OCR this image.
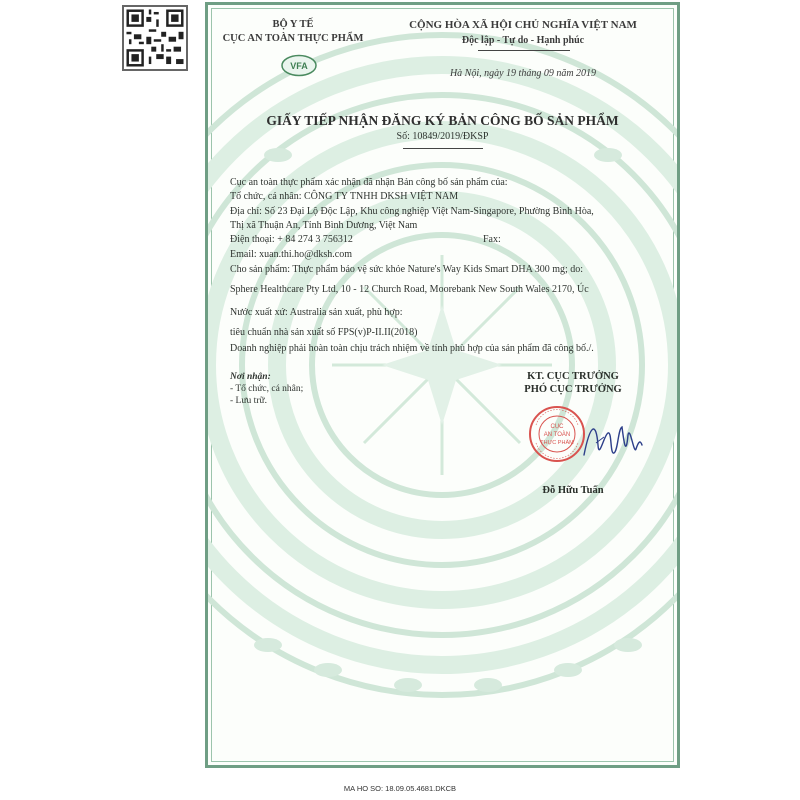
BỘ Y TẾ
CỤC AN TOÀN THỰC PHẨM
VFA
CỘNG HÒA XÃ HỘI CHỦ NGHĨA VIỆT NAM
Độc lập - Tự do - Hạnh phúc
Hà Nội, ngày 19 tháng 09 năm 2019
GIẤY TIẾP NHẬN ĐĂNG KÝ BẢN CÔNG BỐ SẢN PHẨM
Số: 10849/2019/ĐKSP
Cục an toàn thực phẩm xác nhận đã nhận Bản công bố sản phẩm của:
Tổ chức, cá nhân: CÔNG TY TNHH DKSH VIỆT NAM
Địa chỉ: Số 23 Đại Lộ Độc Lập, Khu công nghiệp Việt Nam-Singapore, Phường Bình Hòa,
Thị xã Thuận An, Tỉnh Bình Dương, Việt Nam
Điện thoại: + 84 274 3 756312	Fax:
Email: xuan.thi.ho@dksh.com
Cho sản phẩm: Thực phẩm bảo vệ sức khỏe Nature's Way Kids Smart DHA 300 mg; do:
Sphere Healthcare Pty Ltd, 10 - 12 Church Road, Moorebank New South Wales 2170, Úc
Nước xuất xứ: Australia sản xuất, phù hợp:
tiêu chuẩn nhà sản xuất số FPS(v)P-II.II(2018)
Doanh nghiệp phải hoàn toàn chịu trách nhiệm về tính phù hợp của sản phẩm đã công bố./.
Nơi nhận:
- Tổ chức, cá nhân;
- Lưu trữ.
KT. CỤC TRƯỞNG
PHÓ CỤC TRƯỞNG
CỤC
AN TOÀN
THỰC PHẨM
Đỗ Hữu Tuấn
MA HO SO: 18.09.05.4681.DKCB
